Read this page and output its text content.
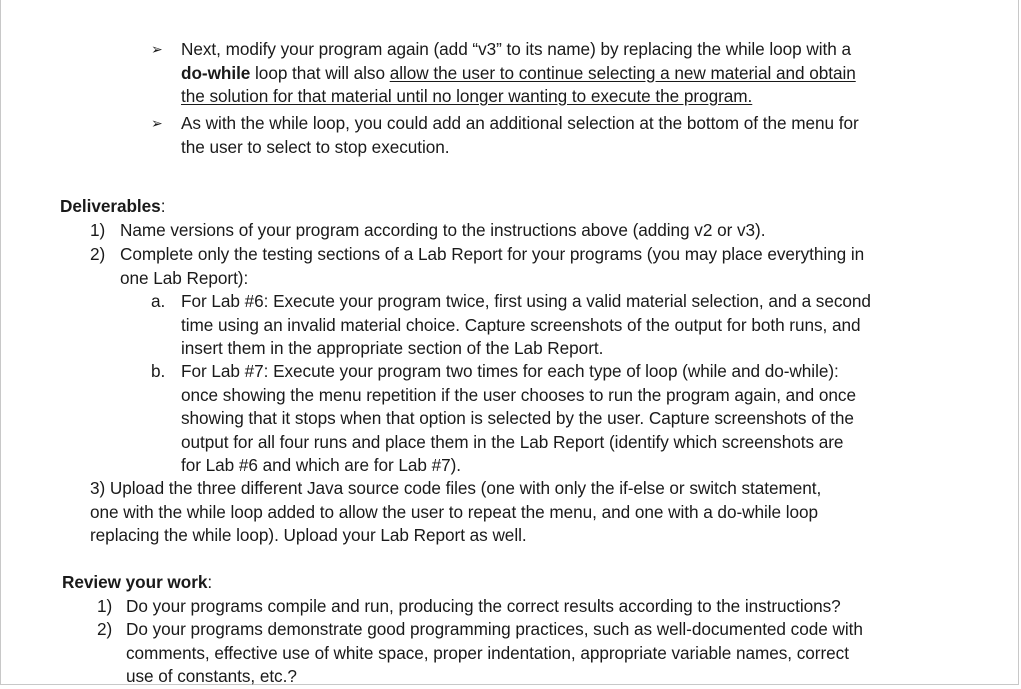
➢	Next, modify your program again (add “v3” to its name) by replacing the while loop with a
do-while loop that will also allow the user to continue selecting a new material and obtain
the solution for that material until no longer wanting to execute the program.
➢	As with the while loop, you could add an additional selection at the bottom of the menu for
the user to select to stop execution.
Deliverables:
1) Name versions of your program according to the instructions above (adding v2 or v3).
2) Complete only the testing sections of a Lab Report for your programs (you may place everything in
one Lab Report):
a. For Lab #6: Execute your program twice, first using a valid material selection, and a second
time using an invalid material choice. Capture screenshots of the output for both runs, and
insert them in the appropriate section of the Lab Report.
b. For Lab #7: Execute your program two times for each type of loop (while and do-while):
once showing the menu repetition if the user chooses to run the program again, and once
showing that it stops when that option is selected by the user. Capture screenshots of the
output for all four runs and place them in the Lab Report (identify which screenshots are
for Lab #6 and which are for Lab #7).
3) Upload the three different Java source code files (one with only the if-else or switch statement,
one with the while loop added to allow the user to repeat the menu, and one with a do-while loop
replacing the while loop). Upload your Lab Report as well.
Review your work:
1) Do your programs compile and run, producing the correct results according to the instructions?
2) Do your programs demonstrate good programming practices, such as well-documented code with
comments, effective use of white space, proper indentation, appropriate variable names, correct
use of constants, etc.?
